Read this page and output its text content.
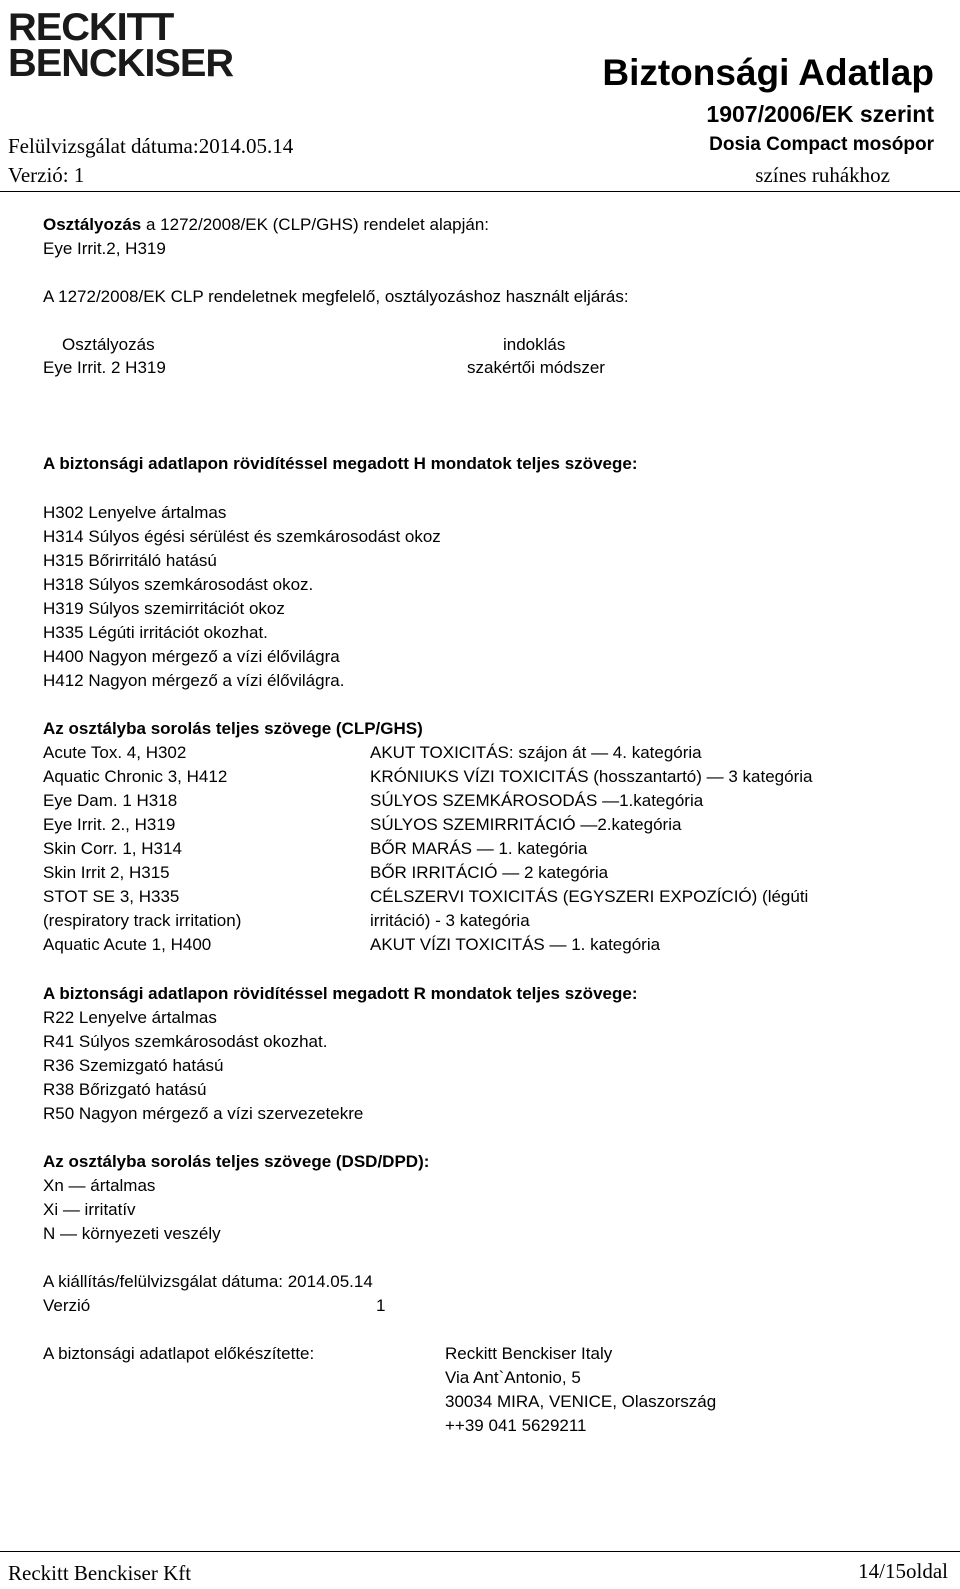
RECKITT
BENCKISER	Biztonsági Adatlap
1907/2006/EK szerint
Felülvizsgálat dátuma:2014.05.14	Dosia Compact mosópor
Verzió: 1	színes ruhákhoz
Osztályozás a 1272/2008/EK (CLP/GHS) rendelet alapján:
Eye Irrit.2, H319
A 1272/2008/EK CLP rendeletnek megfelelő, osztályozáshoz használt eljárás:
Osztályozás	indoklás
Eye Irrit. 2 H319	szakértői módszer
A biztonsági adatlapon rövidítéssel megadott H mondatok teljes szövege:
H302 Lenyelve ártalmas
H314 Súlyos égési sérülést és szemkárosodást okoz
H315 Bőrirritáló hatású
H318 Súlyos szemkárosodást okoz.
H319 Súlyos szemirritációt okoz
H335 Légúti irritációt okozhat.
H400 Nagyon mérgező a vízi élővilágra
H412 Nagyon mérgező a vízi élővilágra.
Az osztályba sorolás teljes szövege (CLP/GHS)
Acute Tox. 4, H302	AKUT TOXICITÁS: szájon át — 4. kategória
Aquatic Chronic 3, H412	KRÓNIUKS VÍZI TOXICITÁS (hosszantartó) — 3 kategória
Eye Dam. 1 H318	SÚLYOS SZEMKÁROSODÁS —1.kategória
Eye Irrit. 2., H319	SÚLYOS SZEMIRRITÁCIÓ —2.kategória
Skin Corr. 1, H314	BŐR MARÁS — 1. kategória
Skin Irrit 2, H315	BŐR IRRITÁCIÓ — 2 kategória
STOT SE 3, H335	CÉLSZERVI TOXICITÁS (EGYSZERI EXPOZÍCIÓ) (légúti
(respiratory track irritation)	irritáció) - 3 kategória
Aquatic Acute 1, H400	AKUT VÍZI TOXICITÁS — 1. kategória
A biztonsági adatlapon rövidítéssel megadott R mondatok teljes szövege:
R22 Lenyelve ártalmas
R41 Súlyos szemkárosodást okozhat.
R36 Szemizgató hatású
R38 Bőrizgató hatású
R50 Nagyon mérgező a vízi szervezetekre
Az osztályba sorolás teljes szövege (DSD/DPD):
Xn — ártalmas
Xi — irritatív
N — környezeti veszély
A kiállítás/felülvizsgálat dátuma: 2014.05.14
Verzió	1
A biztonsági adatlapot előkészítette:	Reckitt Benckiser Italy
Via Ant`Antonio, 5
30034 MIRA, VENICE, Olaszország
++39 041 5629211
Reckitt Benckiser Kft	14/15oldal
